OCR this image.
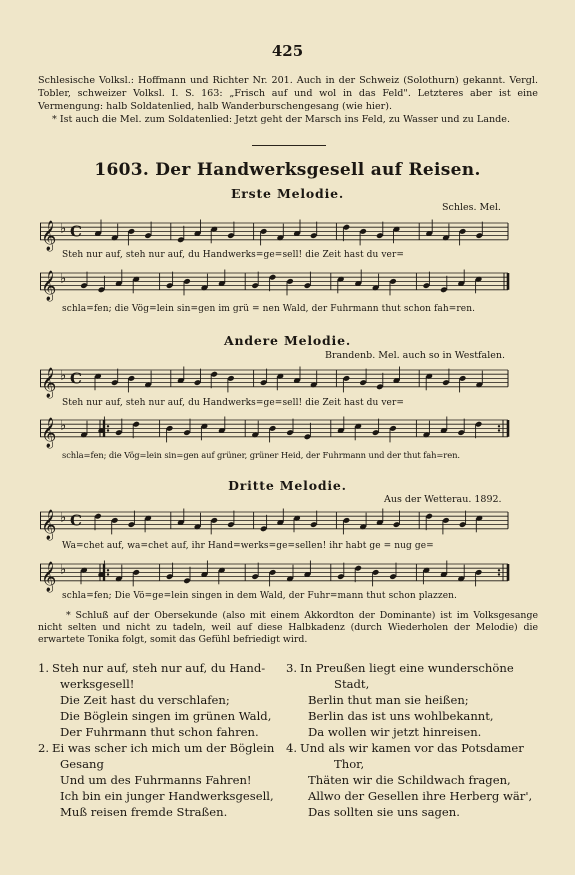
425
Schlesische Volksl.: Hoffmann und Richter Nr. 201. Auch in der Schweiz (Solothurn) gekannt. Vergl. Tobler, schweizer Volksl. I. S. 163: „Frisch auf und wol in das Feld". Letzteres aber ist eine Vermengung: halb Soldatenlied, halb Wanderburschengesang (wie hier).
* Ist auch die Mel. zum Soldatenlied: Jetzt geht der Marsch ins Feld, zu Wasser und zu Lande.
1603. Der Handwerksgesell auf Reisen.
Erste Melodie.
Schles. Mel.
𝄞 ♭ C
Steh nur auf, steh nur auf, du Handwerks=ge=sell! die Zeit hast du ver=
𝄞 ♭
schla=fen; die Vög=lein sin=gen im grü = nen Wald, der Fuhrmann thut schon fah=ren.
Andere Melodie.
Brandenb. Mel. auch so in Westfalen.
𝄞 ♭ C
Steh nur auf, steh nur auf, du Handwerks=ge=sell! die Zeit hast du ver=
𝄞 ♭
schla=fen; die Vög=lein sin=gen auf grüner, grüner Heid, der Fuhrmann und der thut fah=ren.
Dritte Melodie.
Aus der Wetterau. 1892.
𝄞 ♭ C
Wa=chet auf, wa=chet auf, ihr Hand=werks=ge=sellen! ihr habt ge = nug ge=
𝄞 ♭
schla=fen; Die Vö=ge=lein singen in dem Wald, der Fuhr=mann thut schon plazzen.
* Schluß auf der Obersekunde (also mit einem Akkordton der Dominante) ist im Volksgesange nicht selten und nicht zu tadeln, weil auf diese Halbkadenz (durch Wiederholen der Melodie) die erwartete Tonika folgt, somit das Gefühl befriedigt wird.
1. Steh nur auf, steh nur auf, du Hand-
werksgesell!
Die Zeit hast du verschlafen;
Die Böglein singen im grünen Wald,
Der Fuhrmann thut schon fahren.
2. Ei was scher ich mich um der Böglein
Gesang
Und um des Fuhrmanns Fahren!
Ich bin ein junger Handwerksgesell,
Muß reisen fremde Straßen.
3. In Preußen liegt eine wunderschöne
Stadt,
Berlin thut man sie heißen;
Berlin das ist uns wohlbekannt,
Da wollen wir jetzt hinreisen.
4. Und als wir kamen vor das Potsdamer
Thor,
Thäten wir die Schildwach fragen,
Allwo der Gesellen ihre Herberg wär',
Das sollten sie uns sagen.
